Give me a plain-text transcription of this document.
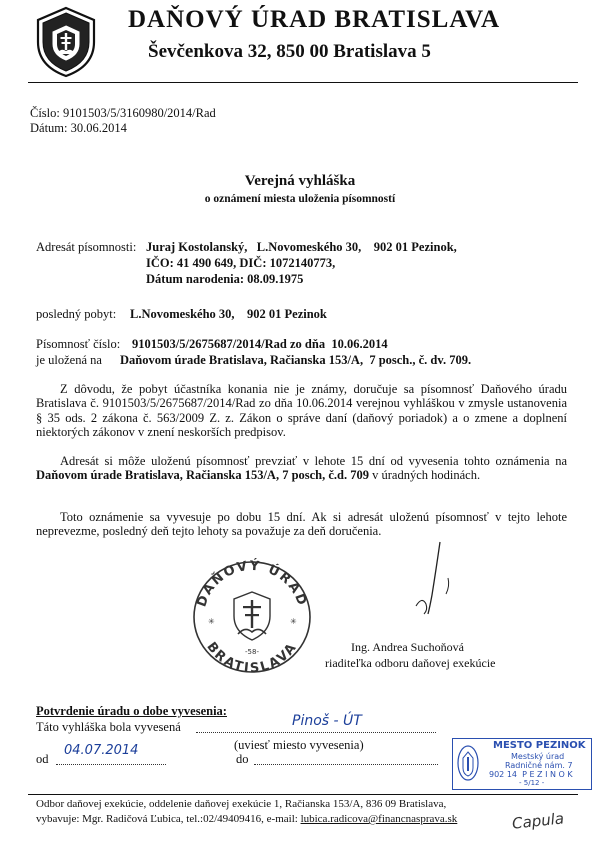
DAŇOVÝ ÚRAD BRATISLAVA
Ševčenkova 32, 850 00 Bratislava 5
Číslo: 9101503/5/3160980/2014/Rad
Dátum: 30.06.2014
Verejná vyhláška
o oznámení miesta uloženia písomností
Adresát písomnosti: Juraj Kostolanský,   L.Novomeského 30,    902 01 Pezinok,
IČO: 41 490 649, DIČ: 1072140773,
Dátum narodenia: 08.09.1975
posledný pobyt: L.Novomeského 30,    902 01 Pezinok
Písomnosť číslo: 9101503/5/2675687/2014/Rad zo dňa  10.06.2014
je uložená na Daňovom úrade Bratislava, Račianska 153/A,  7 posch., č. dv. 709.
Z dôvodu, že pobyt účastníka konania nie je známy, doručuje sa písomnosť Daňového úradu Bratislava č. 9101503/5/2675687/2014/Rad zo dňa 10.06.2014 verejnou vyhláškou v zmysle ustanovenia § 35 ods. 2 zákona č. 563/2009 Z. z. Zákon o správe daní (daňový poriadok) a o zmene a doplnení niektorých zákonov v znení neskorších predpisov.
Adresát si môže uloženú písomnosť prevziať v lehote 15 dní od vyvesenia tohto oznámenia na Daňovom úrade Bratislava, Račianska 153/A, 7 posch, č.d. 709 v úradných hodinách.
Toto oznámenie sa vyvesuje po dobu 15 dní. Ak si adresát uloženú písomnosť v tejto lehote neprevezme, posledný deň tejto lehoty sa považuje za deň doručenia.
DAŇOVÝ ÚRAD
BRATISLAVA
✳	✳
-58-	Ing. Andrea Suchoňová
riaditeľka odboru daňovej exekúcie
Potvrdenie úradu o dobe vyvesenia:
Táto vyhláška bola vyvesená	Pinoš - ÚT
(uviesť miesto vyvesenia)
od
04.07.2014
do
MESTO PEZINOK
Mestský úrad
Radničné nám. 7
902 14  P E Z I N O K
- 5/12 -
Odbor daňovej exekúcie, oddelenie daňovej exekúcie 1, Račianska 153/A, 836 09 Bratislava,
vybavuje: Mgr. Radičová Ľubica, tel.:02/49409416, e-mail: lubica.radicova@financnasprava.sk	Capula
